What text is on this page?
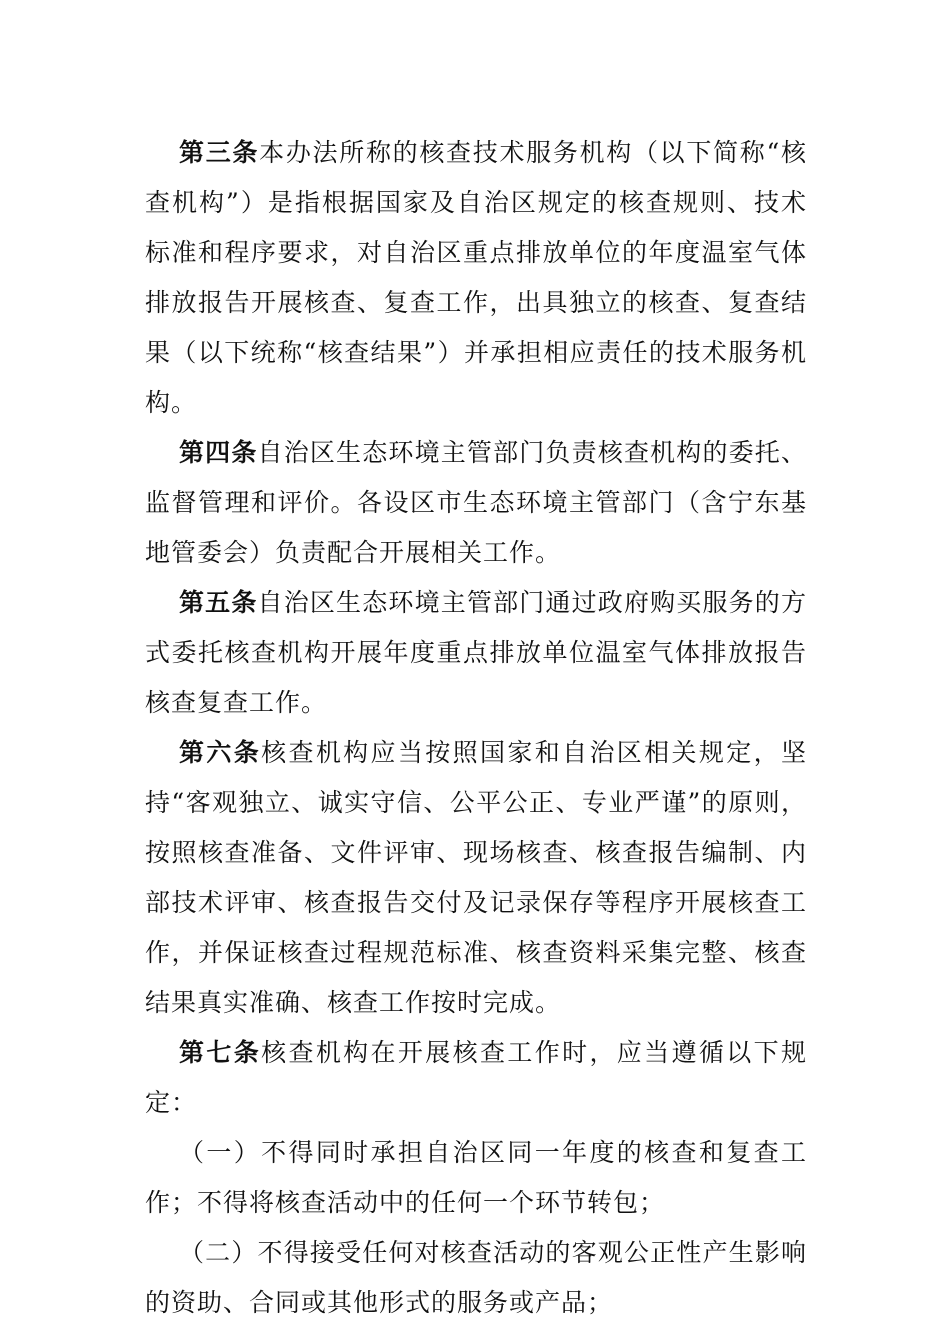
第三条本办法所称的核查技术服务机构（以下简称“核查机构”）是指根据国家及自治区规定的核查规则、技术标准和程序要求，对自治区重点排放单位的年度温室气体排放报告开展核查、复查工作，出具独立的核查、复查结果（以下统称“核查结果”）并承担相应责任的技术服务机构。

第四条自治区生态环境主管部门负责核查机构的委托、监督管理和评价。各设区市生态环境主管部门（含宁东基地管委会）负责配合开展相关工作。

第五条自治区生态环境主管部门通过政府购买服务的方式委托核查机构开展年度重点排放单位温室气体排放报告核查复查工作。

第六条核查机构应当按照国家和自治区相关规定，坚持“客观独立、诚实守信、公平公正、专业严谨”的原则，按照核查准备、文件评审、现场核查、核查报告编制、内部技术评审、核查报告交付及记录保存等程序开展核查工作，并保证核查过程规范标准、核查资料采集完整、核查结果真实准确、核查工作按时完成。

第七条核查机构在开展核查工作时，应当遵循以下规定：

（一）不得同时承担自治区同一年度的核查和复查工作；不得将核查活动中的任何一个环节转包；

（二）不得接受任何对核查活动的客观公正性产生影响的资助、合同或其他形式的服务或产品；
